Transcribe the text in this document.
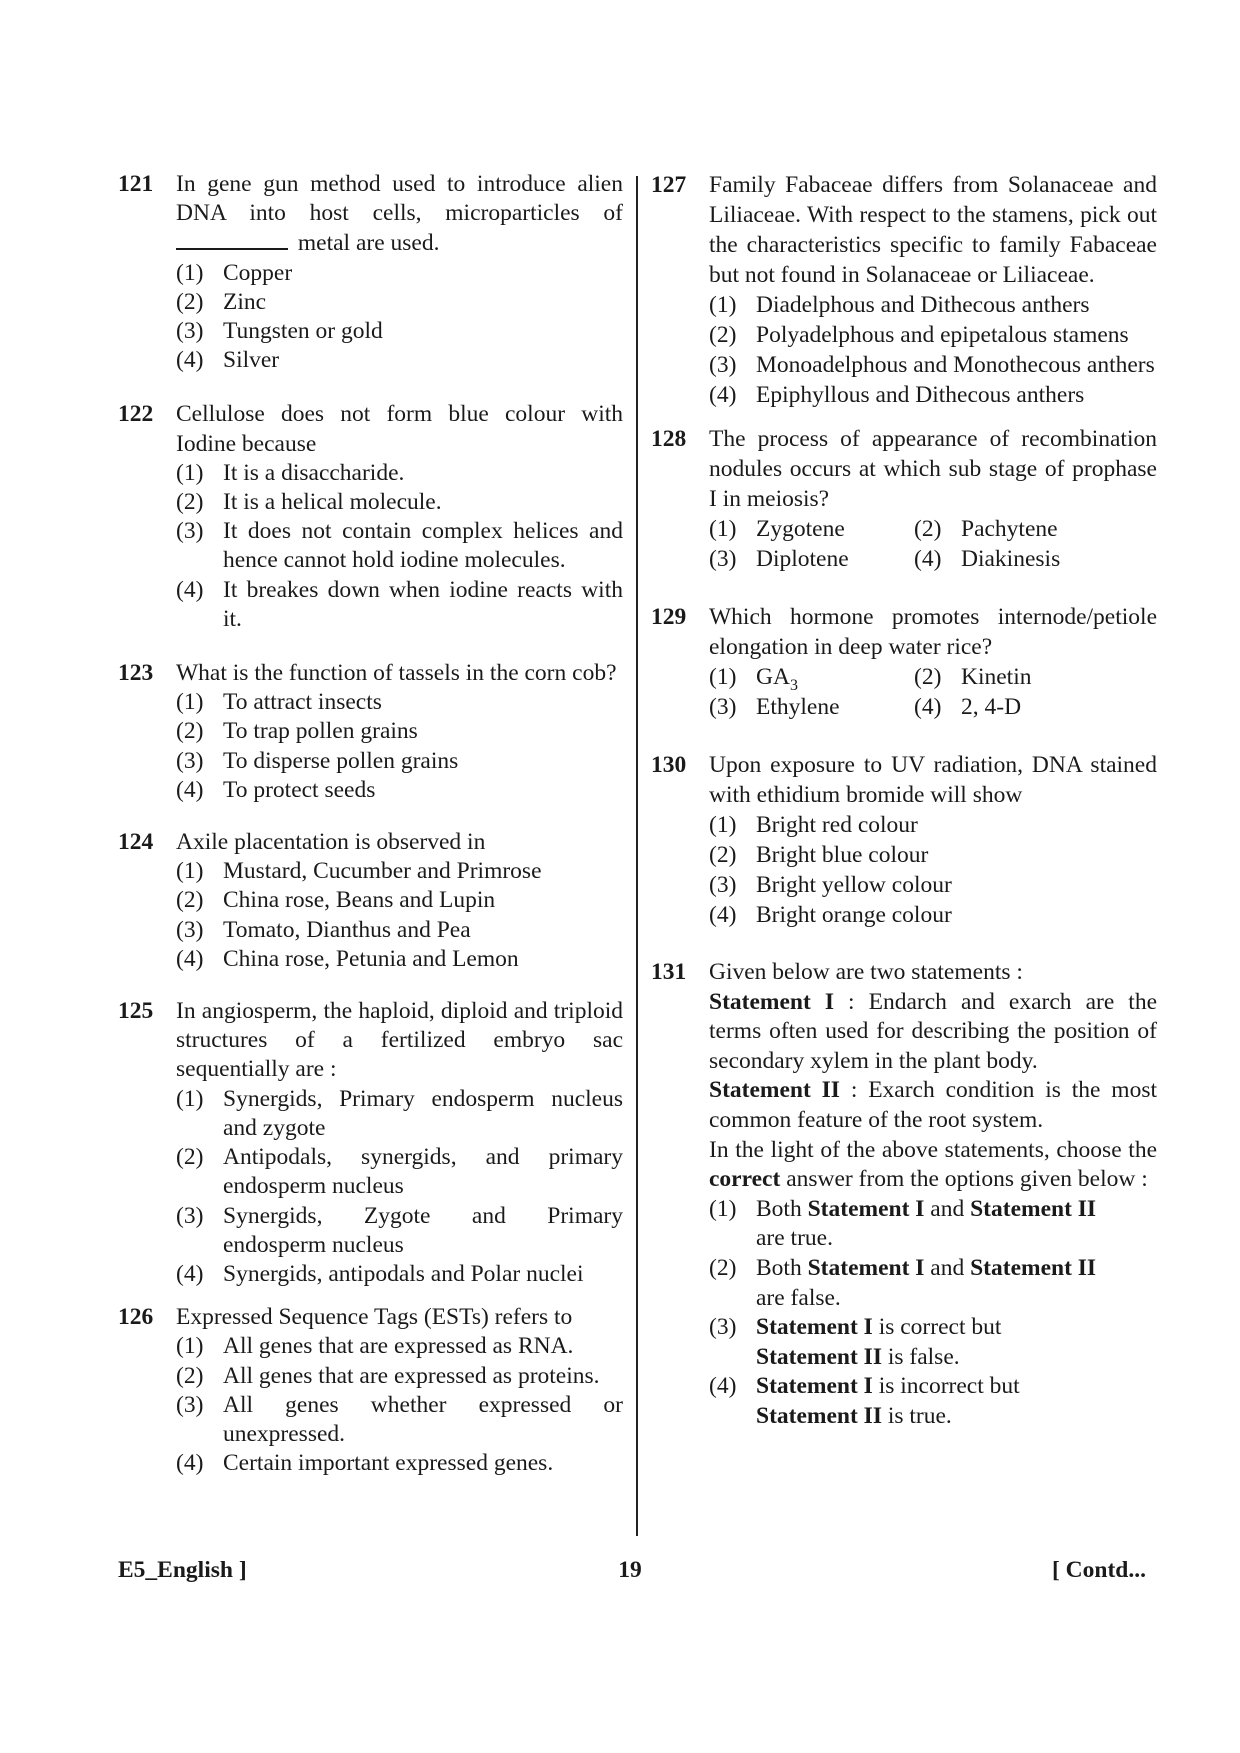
121 In gene gun method used to introduce alien DNA into host cells, microparticles of  metal are used.
(1) Copper
(2) Zinc
(3) Tungsten or gold
(4) Silver
122 Cellulose does not form blue colour with Iodine because
(1) It is a disaccharide.
(2) It is a helical molecule.
(3) It does not contain complex helices and hence cannot hold iodine molecules.
(4) It breakes down when iodine reacts with it.
123 What is the function of tassels in the corn cob?
(1) To attract insects
(2) To trap pollen grains
(3) To disperse pollen grains
(4) To protect seeds
124 Axile placentation is observed in
(1) Mustard, Cucumber and Primrose
(2) China rose, Beans and Lupin
(3) Tomato, Dianthus and Pea
(4) China rose, Petunia and Lemon
125 In angiosperm, the haploid, diploid and triploid structures of a fertilized embryo sac sequentially are :
(1) Synergids, Primary endosperm nucleus and zygote
(2) Antipodals, synergids, and primary endosperm nucleus
(3) Synergids, Zygote and Primary endosperm nucleus
(4) Synergids, antipodals and Polar nuclei
126 Expressed Sequence Tags (ESTs) refers to
(1) All genes that are expressed as RNA.
(2) All genes that are expressed as proteins.
(3) All genes whether expressed or unexpressed.
(4) Certain important expressed genes.
127 Family Fabaceae differs from Solanaceae and Liliaceae. With respect to the stamens, pick out the characteristics specific to family Fabaceae but not found in Solanaceae or Liliaceae.
(1) Diadelphous and Dithecous anthers
(2) Polyadelphous and epipetalous stamens
(3) Monoadelphous and Monothecous anthers
(4) Epiphyllous and Dithecous anthers
128 The process of appearance of recombination nodules occurs at which sub stage of prophase I in meiosis?
(1) Zygotene	(2) Pachytene
(3) Diplotene	(4) Diakinesis
129 Which hormone promotes internode/petiole elongation in deep water rice?
(1) $GA_3$	(2) Kinetin
(3) Ethylene	(4) 2, 4-D
130 Upon exposure to UV radiation, DNA stained with ethidium bromide will show
(1) Bright red colour
(2) Bright blue colour
(3) Bright yellow colour
(4) Bright orange colour
131 Given below are two statements :
Statement I : Endarch and exarch are the terms often used for describing the position of secondary xylem in the plant body.
Statement II : Exarch condition is the most common feature of the root system.
In the light of the above statements, choose the correct answer from the options given below :
(1) Both Statement I and Statement II
are true.
(2) Both Statement I and Statement II
are false.
(3) Statement I is correct but
Statement II is false.
(4) Statement I is incorrect but
Statement II is true.
E5_English ]	19	[ Contd...
